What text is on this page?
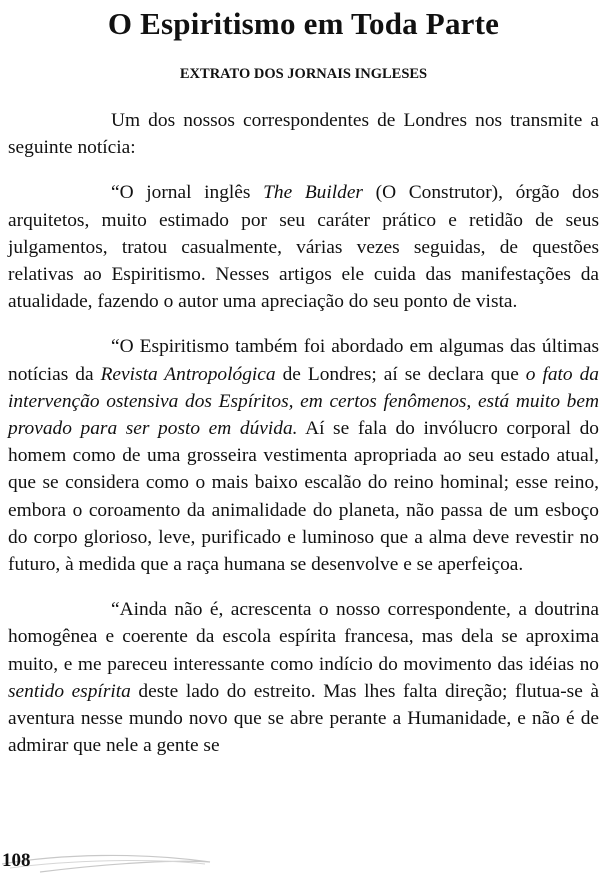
O Espiritismo em Toda Parte
EXTRATO DOS JORNAIS INGLESES

Um dos nossos correspondentes de Londres nos transmite a seguinte notícia:

“O jornal inglês The Builder (O Construtor), órgão dos arquitetos, muito estimado por seu caráter prático e retidão de seus julgamentos, tratou casualmente, várias vezes seguidas, de questões relativas ao Espiritismo. Nesses artigos ele cuida das manifestações da atualidade, fazendo o autor uma apreciação do seu ponto de vista.

“O Espiritismo também foi abordado em algumas das últimas notícias da Revista Antropológica de Londres; aí se declara que o fato da intervenção ostensiva dos Espíritos, em certos fenômenos, está muito bem provado para ser posto em dúvida. Aí se fala do invólucro corporal do homem como de uma grosseira vestimenta apropriada ao seu estado atual, que se considera como o mais baixo escalão do reino hominal; esse reino, embora o coroamento da animalidade do planeta, não passa de um esboço do corpo glorioso, leve, purificado e luminoso que a alma deve revestir no futuro, à medida que a raça humana se desenvolve e se aperfeiçoa.

“Ainda não é, acrescenta o nosso correspondente, a doutrina homogênea e coerente da escola espírita francesa, mas dela se aproxima muito, e me pareceu interessante como indício do movimento das idéias no sentido espírita deste lado do estreito. Mas lhes falta direção; flutua-se à aventura nesse mundo novo que se abre perante a Humanidade, e não é de admirar que nele a gente se

108
